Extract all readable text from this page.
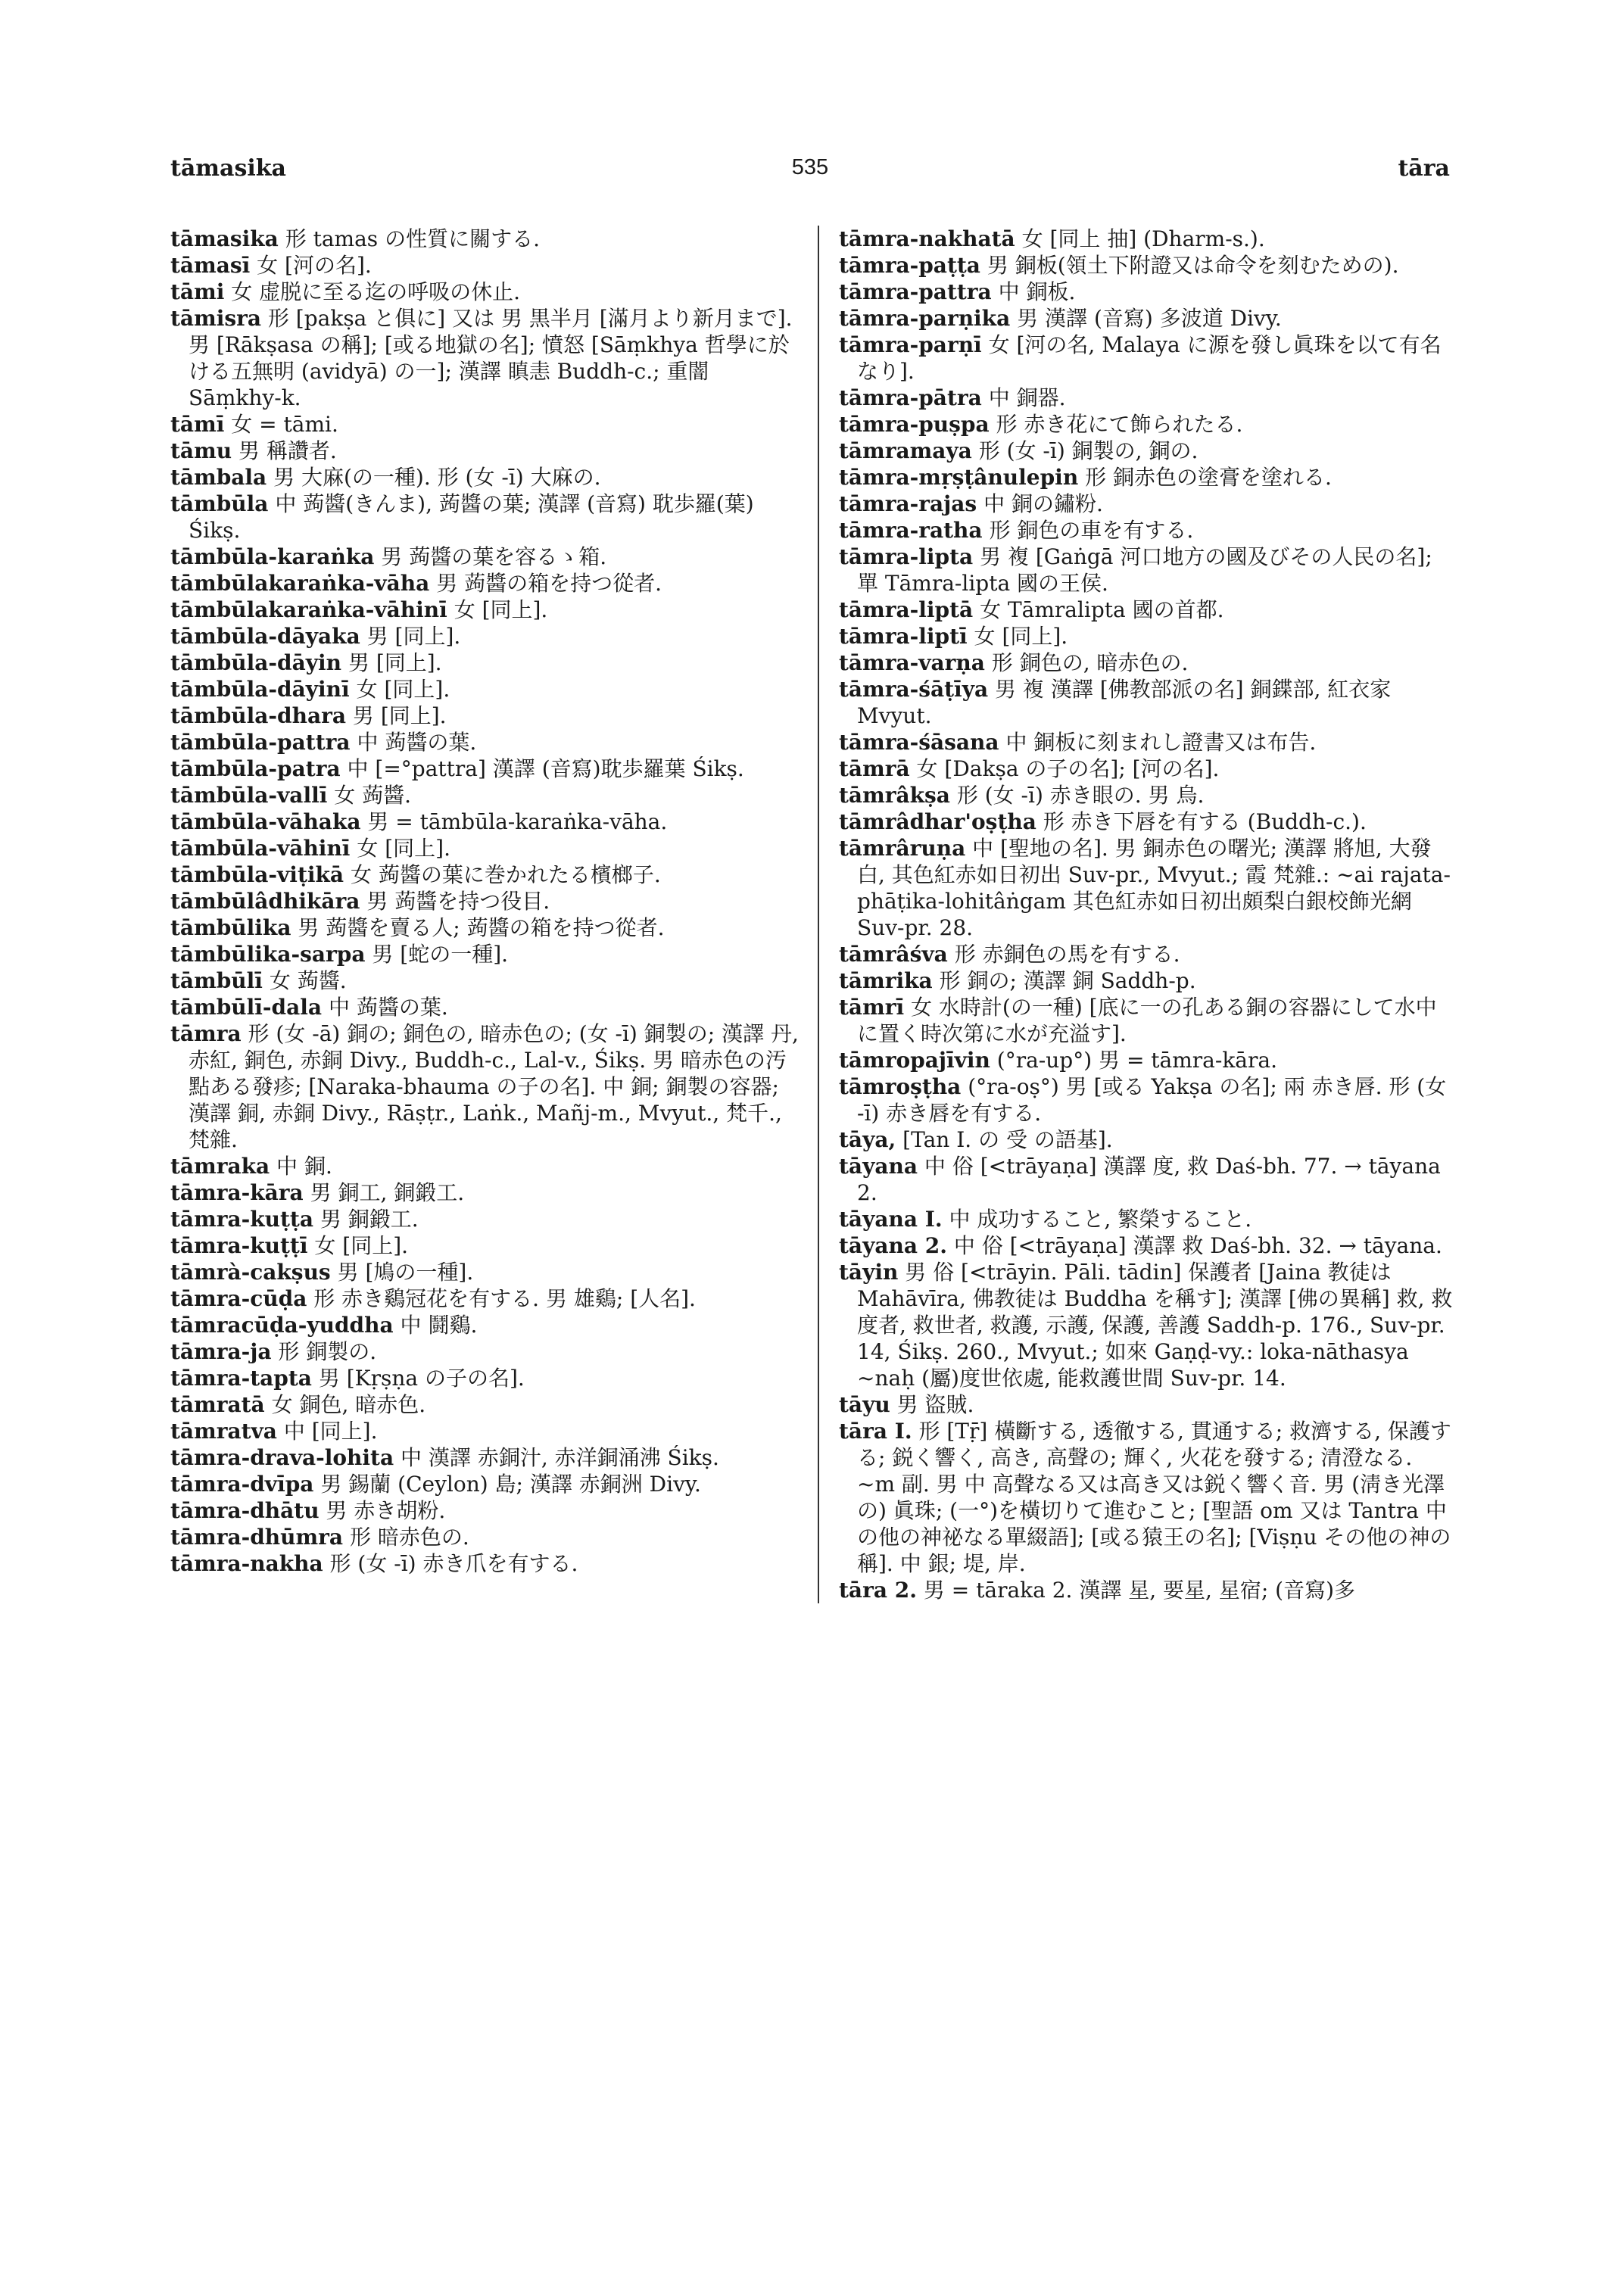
tāmasika	535	tāra

tāmasika 形 tamas の性質に關する.

tāmasī 女 [河の名].

tāmi 女 虚脱に至る迄の呼吸の休止.

tāmisra 形 [pakṣa と俱に] 又は 男 黒半月 [滿月より新月まで]. 男 [Rākṣasa の稱]; [或る地獄の名]; 憤怒 [Sāṃkhya 哲學に於ける五無明 (avidyā) の一]; 漢譯 瞋恚 Buddh-c.; 重闇 Sāṃkhy-k.

tāmī 女 = tāmi.

tāmu 男 稱讚者.

tāmbala 男 大麻(の一種). 形 (女 -ī) 大麻の.

tāmbūla 中 蒟醬(きんま), 蒟醬の葉; 漢譯 (音寫) 耽歩羅(葉) Śikṣ.

tāmbūla-karaṅka 男 蒟醬の葉を容るゝ箱.

tāmbūlakaraṅka-vāha 男 蒟醬の箱を持つ從者.

tāmbūlakaraṅka-vāhinī 女 [同上].

tāmbūla-dāyaka 男 [同上].

tāmbūla-dāyin 男 [同上].

tāmbūla-dāyinī 女 [同上].

tāmbūla-dhara 男 [同上].

tāmbūla-pattra 中 蒟醬の葉.

tāmbūla-patra 中 [=°pattra] 漢譯 (音寫)耽歩羅葉 Śikṣ.

tāmbūla-vallī 女 蒟醬.

tāmbūla-vāhaka 男 = tāmbūla-karaṅka-vāha.

tāmbūla-vāhinī 女 [同上].

tāmbūla-viṭikā 女 蒟醬の葉に巻かれたる檳榔子.

tāmbūlâdhikāra 男 蒟醬を持つ役目.

tāmbūlika 男 蒟醬を賣る人; 蒟醬の箱を持つ從者.

tāmbūlika-sarpa 男 [蛇の一種].

tāmbūlī 女 蒟醬.

tāmbūlī-dala 中 蒟醬の葉.

tāmra 形 (女 -ā) 銅の; 銅色の, 暗赤色の; (女 -ī) 銅製の; 漢譯 丹, 赤紅, 銅色, 赤銅 Divy., Buddh-c., Lal-v., Śikṣ. 男 暗赤色の汚點ある發疹; [Naraka-bhauma の子の名]. 中 銅; 銅製の容器; 漢譯 銅, 赤銅 Divy., Rāṣṭr., Laṅk., Mañj-m., Mvyut., 梵千., 梵雜.

tāmraka 中 銅.

tāmra-kāra 男 銅工, 銅鍛工.

tāmra-kuṭṭa 男 銅鍛工.

tāmra-kuṭṭī 女 [同上].

tāmrà-cakṣus 男 [鳩の一種].

tāmra-cūḍa 形 赤き鷄冠花を有する. 男 雄鷄; [人名].

tāmracūḍa-yuddha 中 鬪鷄.

tāmra-ja 形 銅製の.

tāmra-tapta 男 [Kṛṣṇa の子の名].

tāmratā 女 銅色, 暗赤色.

tāmratva 中 [同上].

tāmra-drava-lohita 中 漢譯 赤銅汁, 赤洋銅涌沸 Śikṣ.

tāmra-dvīpa 男 錫蘭 (Ceylon) 島; 漢譯 赤銅洲 Divy.

tāmra-dhātu 男 赤き胡粉.

tāmra-dhūmra 形 暗赤色の.

tāmra-nakha 形 (女 -ī) 赤き爪を有する.

tāmra-nakhatā 女 [同上 抽] (Dharm-s.).

tāmra-paṭṭa 男 銅板(領土下附證又は命令を刻むための).

tāmra-pattra 中 銅板.

tāmra-parṇika 男 漢譯 (音寫) 多波道 Divy.

tāmra-parṇī 女 [河の名, Malaya に源を發し眞珠を以て有名なり].

tāmra-pātra 中 銅器.

tāmra-puṣpa 形 赤き花にて飾られたる.

tāmramaya 形 (女 -ī) 銅製の, 銅の.

tāmra-mṛṣṭânulepin 形 銅赤色の塗膏を塗れる.

tāmra-rajas 中 銅の鏽粉.

tāmra-ratha 形 銅色の車を有する.

tāmra-lipta 男 複 [Gaṅgā 河口地方の國及びその人民の名]; 單 Tāmra-lipta 國の王侯.

tāmra-liptā 女 Tāmralipta 國の首都.

tāmra-liptī 女 [同上].

tāmra-varṇa 形 銅色の, 暗赤色の.

tāmra-śāṭīya 男 複 漢譯 [佛教部派の名] 銅鍱部, 紅衣家 Mvyut.

tāmra-śāsana 中 銅板に刻まれし證書又は布告.

tāmrā 女 [Dakṣa の子の名]; [河の名].

tāmrâkṣa 形 (女 -ī) 赤き眼の. 男 烏.

tāmrâdhar'oṣṭha 形 赤き下唇を有する (Buddh-c.).

tāmrâruṇa 中 [聖地の名]. 男 銅赤色の曙光; 漢譯 將旭, 大發白, 其色紅赤如日初出 Suv-pr., Mvyut.; 霞 梵雜.: ~ai rajata-phāṭika-lohitâṅgam 其色紅赤如日初出頗梨白銀校飾光網 Suv-pr. 28.

tāmrâśva 形 赤銅色の馬を有する.

tāmrika 形 銅の; 漢譯 銅 Saddh-p.

tāmrī 女 水時計(の一種) [底に一の孔ある銅の容器にして水中に置く時次第に水が充溢す].

tāmropajīvin (°ra-up°) 男 = tāmra-kāra.

tāmroṣṭha (°ra-oṣ°) 男 [或る Yakṣa の名]; 兩 赤き唇. 形 (女 -ī) 赤き唇を有する.

tāya, [Tan I. の 受 の語基].

tāyana 中 俗 [<trāyaṇa] 漢譯 度, 救 Daś-bh. 77. → tāyana 2.

tāyana I. 中 成功すること, 繁榮すること.

tāyana 2. 中 俗 [<trāyaṇa] 漢譯 救 Daś-bh. 32. → tāyana.

tāyin 男 俗 [<trāyin. Pāli. tādin] 保護者 [Jaina 教徒は Mahāvīra, 佛教徒は Buddha を稱す]; 漢譯 [佛の異稱] 救, 救度者, 救世者, 救護, 示護, 保護, 善護 Saddh-p. 176., Suv-pr. 14, Śikṣ. 260., Mvyut.; 如來 Gaṇḍ-vy.: loka-nāthasya ~naḥ (屬)度世依處, 能救護世間 Suv-pr. 14.

tāyu 男 盜賊.

tāra I. 形 [Tṝ] 橫斷する, 透徹する, 貫通する; 救濟する, 保護する; 鋭く響く, 高き, 高聲の; 輝く, 火花を發する; 清澄なる. ~m 副. 男 中 高聲なる又は高き又は鋭く響く音. 男 (淸き光澤の) 眞珠; (一°)を橫切りて進むこと; [聖語 om 又は Tantra 中の他の神祕なる單綴語]; [或る猿王の名]; [Viṣṇu その他の神の稱]. 中 銀; 堤, 岸.

tāra 2. 男 = tāraka 2. 漢譯 星, 要星, 星宿; (音寫)多
